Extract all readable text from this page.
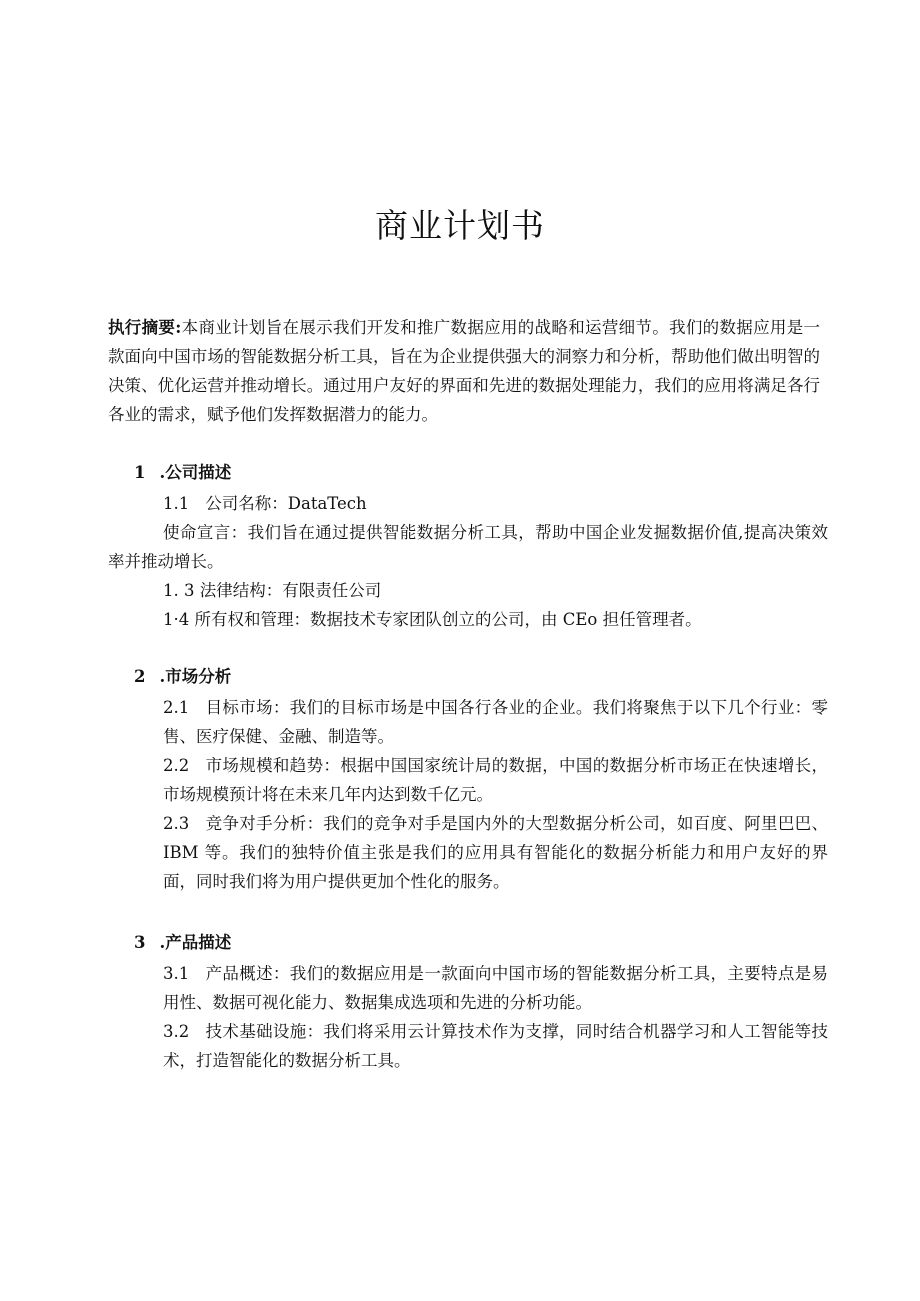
商业计划书

执行摘要:本商业计划旨在展示我们开发和推广数据应用的战略和运营细节。我们的数据应用是一款面向中国市场的智能数据分析工具，旨在为企业提供强大的洞察力和分析，帮助他们做出明智的决策、优化运营并推动增长。通过用户友好的界面和先进的数据处理能力，我们的应用将满足各行各业的需求，赋予他们发挥数据潜力的能力。

1 .公司描述

1.1 公司名称：DataTech

使命宣言：我们旨在通过提供智能数据分析工具，帮助中国企业发掘数据价值,提高决策效率并推动增长。

1. 3 法律结构：有限责任公司

1·4 所有权和管理：数据技术专家团队创立的公司，由 CEo 担任管理者。

2 .市场分析

2.1 目标市场：我们的目标市场是中国各行各业的企业。我们将聚焦于以下几个行业：零售、医疗保健、金融、制造等。

2.2 市场规模和趋势：根据中国国家统计局的数据，中国的数据分析市场正在快速增长，市场规模预计将在未来几年内达到数千亿元。

2.3 竞争对手分析：我们的竞争对手是国内外的大型数据分析公司，如百度、阿里巴巴、IBM 等。我们的独特价值主张是我们的应用具有智能化的数据分析能力和用户友好的界面，同时我们将为用户提供更加个性化的服务。

3 .产品描述

3.1 产品概述：我们的数据应用是一款面向中国市场的智能数据分析工具，主要特点是易用性、数据可视化能力、数据集成选项和先进的分析功能。

3.2 技术基础设施：我们将采用云计算技术作为支撑，同时结合机器学习和人工智能等技术，打造智能化的数据分析工具。
